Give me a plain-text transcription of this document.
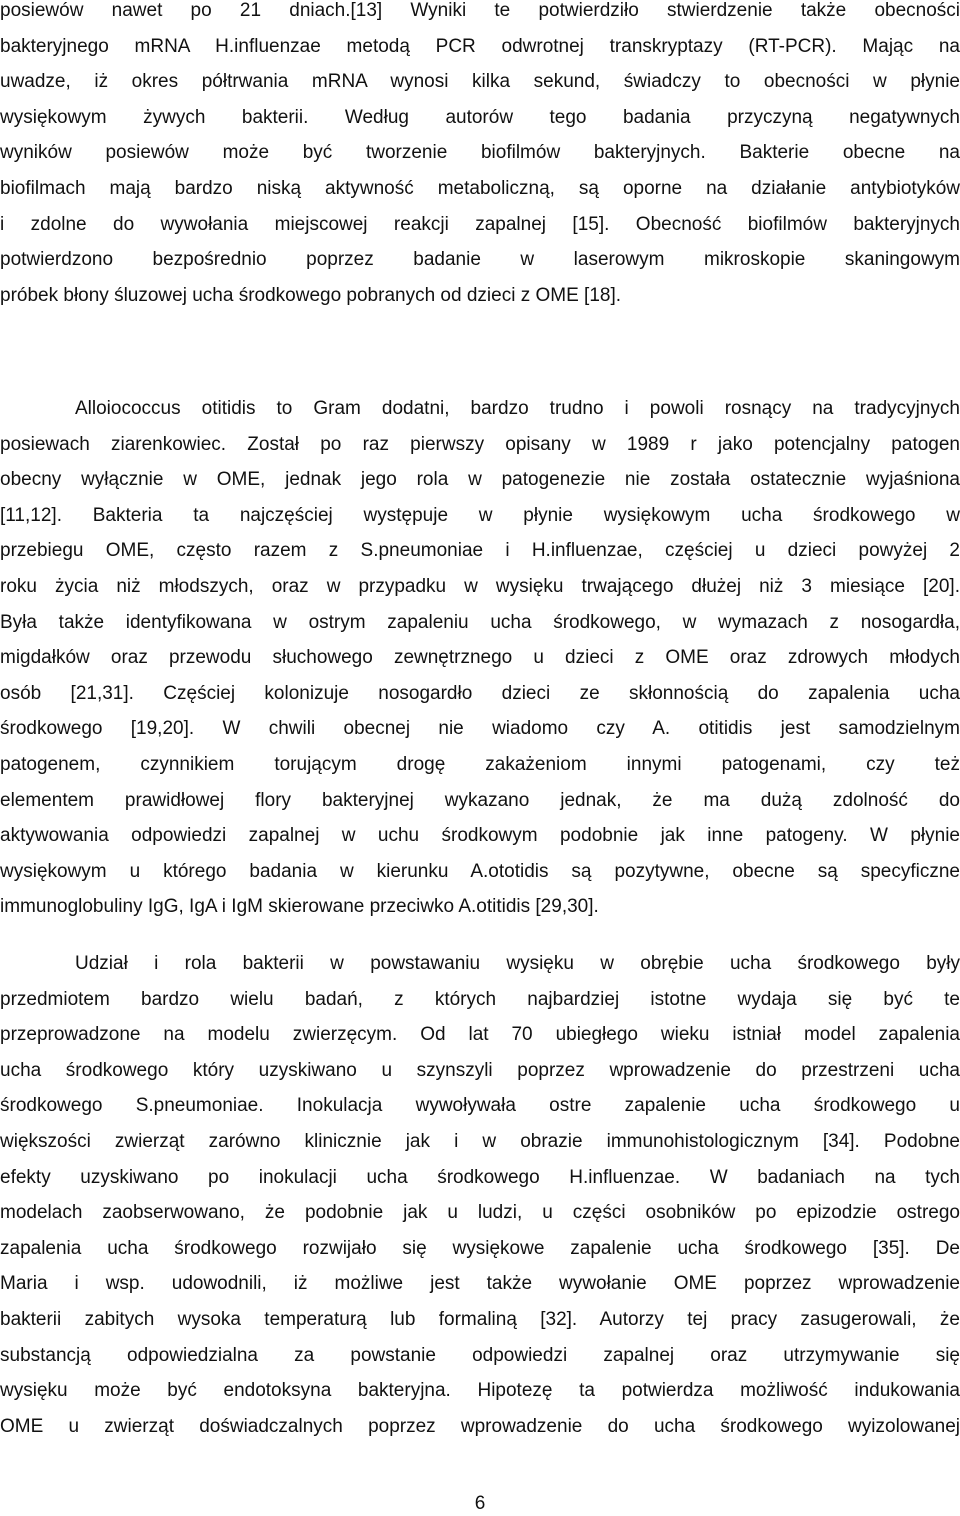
posiewów nawet po 21 dniach.[13] Wyniki te potwierdziło stwierdzenie także obecności
bakteryjnego mRNA H.influenzae metodą PCR odwrotnej transkryptazy (RT-PCR). Mając na
uwadze, iż okres półtrwania mRNA wynosi kilka sekund, świadczy to obecności w płynie
wysiękowym żywych bakterii. Według autorów tego badania przyczyną negatywnych
wyników posiewów może być tworzenie biofilmów bakteryjnych. Bakterie obecne na
biofilmach mają bardzo niską aktywność metaboliczną, są oporne na działanie antybiotyków
i zdolne do wywołania miejscowej reakcji zapalnej [15]. Obecność biofilmów bakteryjnych
potwierdzono bezpośrednio poprzez badanie w laserowym mikroskopie skaningowym
próbek błony śluzowej ucha środkowego pobranych od dzieci z OME [18].
Alloiococcus otitidis to Gram dodatni, bardzo trudno i powoli rosnący na tradycyjnych
posiewach ziarenkowiec. Został po raz pierwszy opisany w 1989 r jako potencjalny patogen
obecny wyłącznie w OME, jednak jego rola w patogenezie nie została ostatecznie wyjaśniona
[11,12]. Bakteria ta najczęściej występuje w płynie wysiękowym ucha środkowego w
przebiegu OME, często razem z S.pneumoniae i H.influenzae, częściej u dzieci powyżej 2
roku życia niż młodszych, oraz w przypadku w wysięku trwającego dłużej niż 3 miesiące [20].
Była także identyfikowana w ostrym zapaleniu ucha środkowego, w wymazach z nosogardła,
migdałków oraz przewodu słuchowego zewnętrznego u dzieci z OME oraz zdrowych młodych
osób [21,31]. Częściej kolonizuje nosogardło dzieci ze skłonnością do zapalenia ucha
środkowego [19,20]. W chwili obecnej nie wiadomo czy A. otitidis jest samodzielnym
patogenem, czynnikiem torującym drogę zakażeniom innymi patogenami, czy też
elementem prawidłowej flory bakteryjnej wykazano jednak, że ma dużą zdolność do
aktywowania odpowiedzi zapalnej w uchu środkowym podobnie jak inne patogeny. W płynie
wysiękowym u którego badania w kierunku A.ototidis są pozytywne, obecne są specyficzne
immunoglobuliny IgG, IgA i IgM skierowane przeciwko A.otitidis [29,30].
Udział i rola bakterii w powstawaniu wysięku w obrębie ucha środkowego były
przedmiotem bardzo wielu badań, z których najbardziej istotne wydaja się być te
przeprowadzone na modelu zwierzęcym. Od lat 70 ubiegłego wieku istniał model zapalenia
ucha środkowego który uzyskiwano u szynszyli poprzez wprowadzenie do przestrzeni ucha
środkowego S.pneumoniae. Inokulacja wywoływała ostre zapalenie ucha środkowego u
większości zwierząt zarówno klinicznie jak i w obrazie immunohistologicznym [34]. Podobne
efekty uzyskiwano po inokulacji ucha środkowego H.influenzae. W badaniach na tych
modelach zaobserwowano, że podobnie jak u ludzi, u części osobników po epizodzie ostrego
zapalenia ucha środkowego rozwijało się wysiękowe zapalenie ucha środkowego [35]. De
Maria i wsp. udowodnili, iż możliwe jest także wywołanie OME poprzez wprowadzenie
bakterii zabitych wysoka temperaturą lub formaliną [32]. Autorzy tej pracy zasugerowali, że
substancją odpowiedzialna za powstanie odpowiedzi zapalnej oraz utrzymywanie się
wysięku może być endotoksyna bakteryjna. Hipotezę ta potwierdza możliwość indukowania
OME u zwierząt doświadczalnych poprzez wprowadzenie do ucha środkowego wyizolowanej
6
